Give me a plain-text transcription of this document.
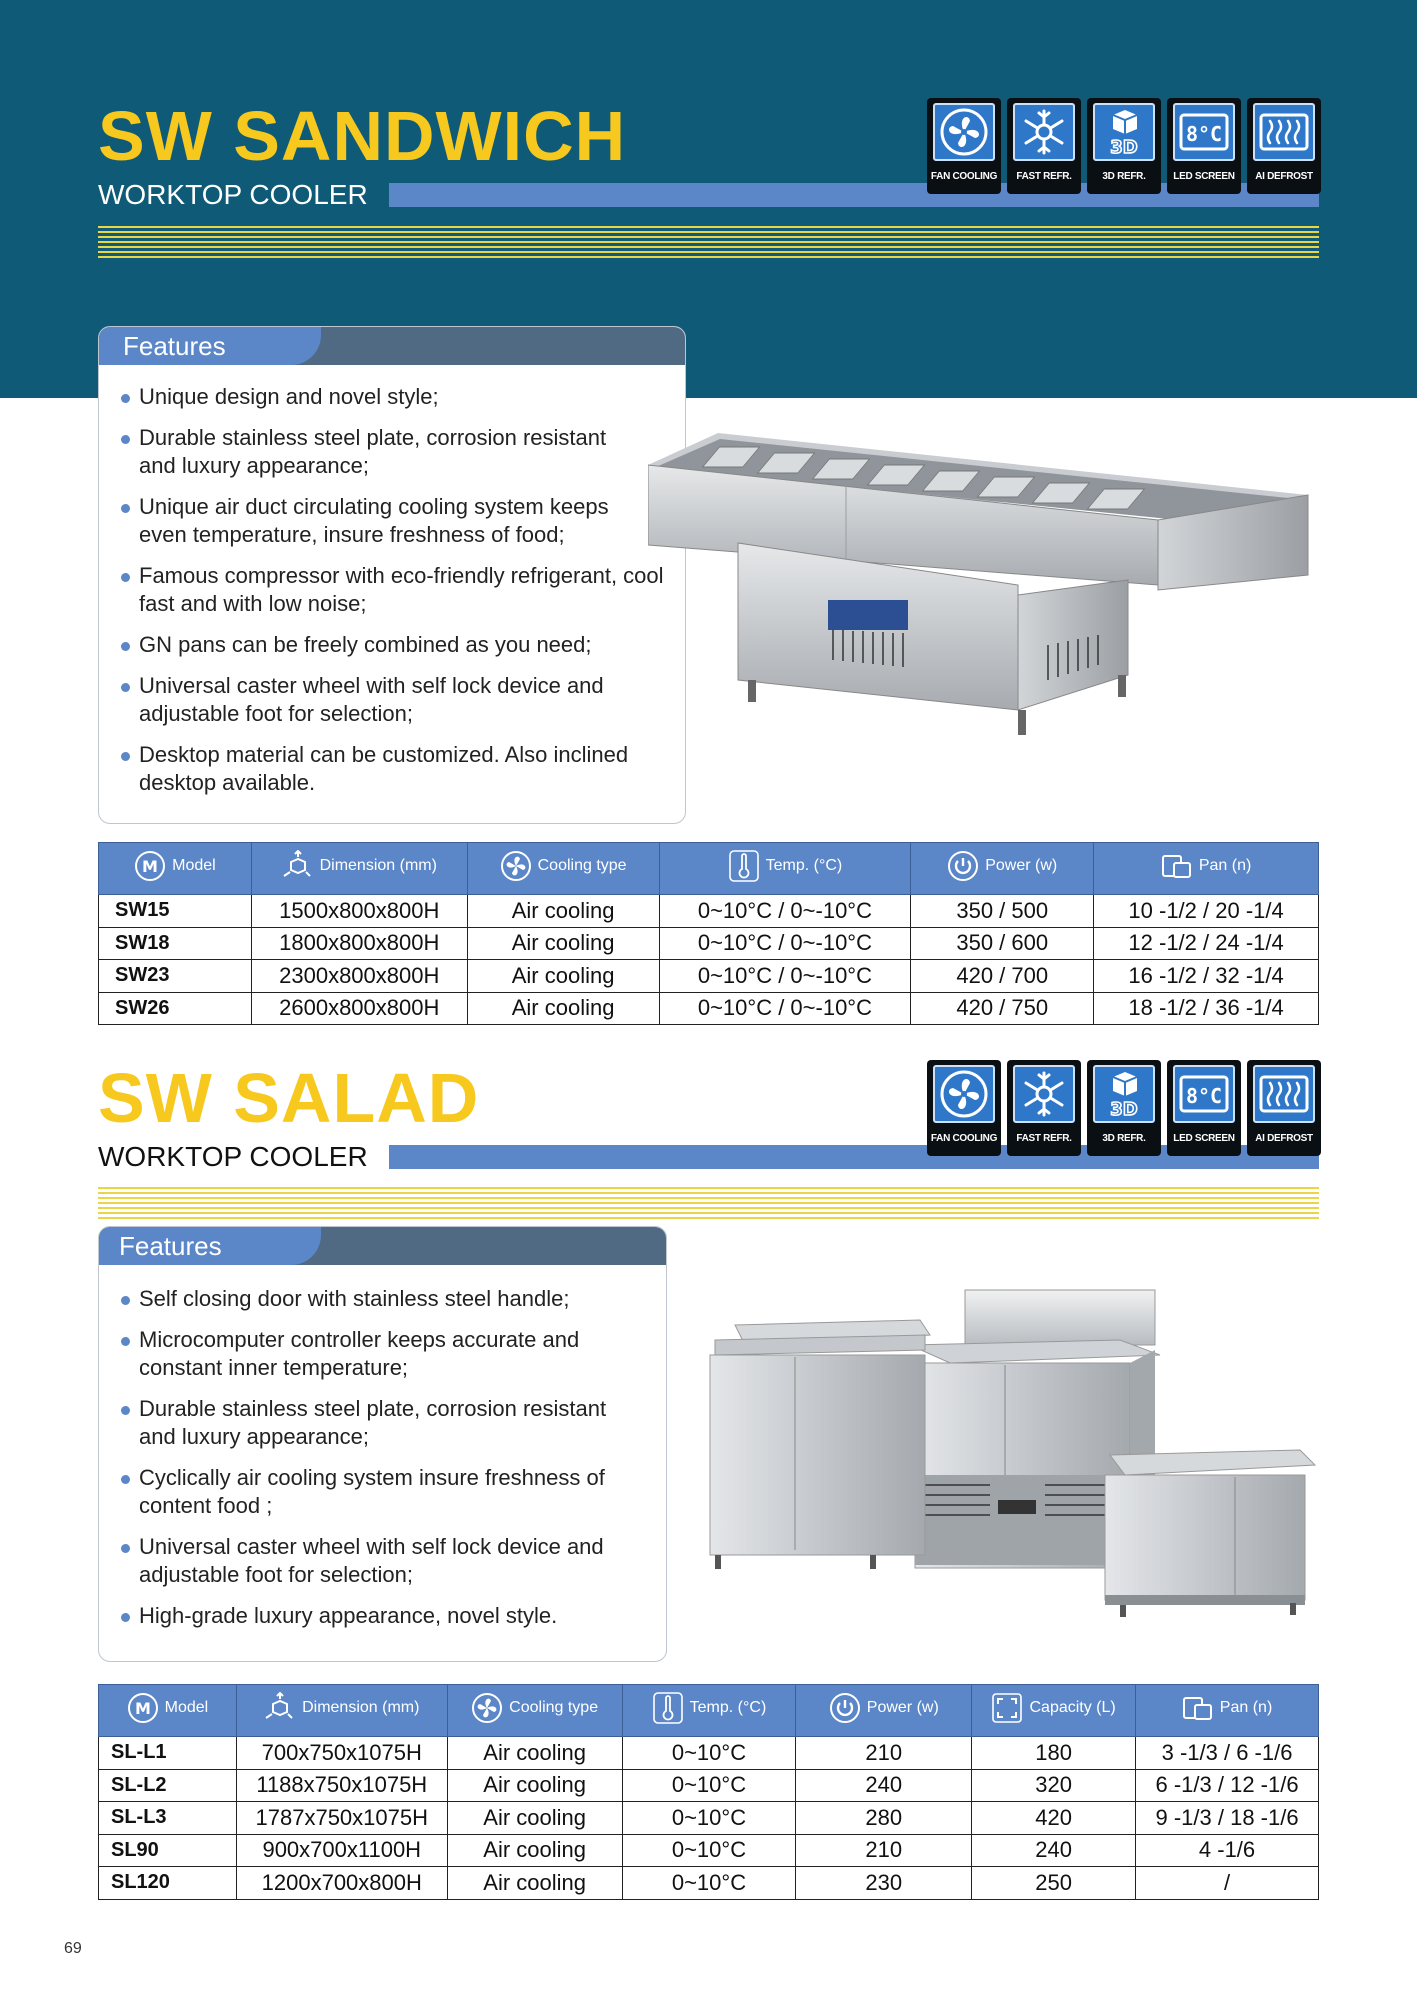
SW SANDWICH
WORKTOP COOLER
FAN COOLING FAST REFR.
3D
3D REFR.
8°C
LED SCREEN AI DEFROST
Features
Unique design and novel style;
Durable stainless steel plate, corrosion resistant and luxury appearance;
Unique air duct circulating cooling system keeps even temperature, insure freshness of food;
Famous compressor with eco-friendly refrigerant, cool fast and with low noise;
GN pans can be freely combined as you need;
Universal caster wheel with self lock device and adjustable foot for selection;
Desktop material can be customized. Also inclined desktop available.
M Model	Dimension (mm)	Cooling type	Temp. (°C)	Power (w)	Pan (n)

SW15	1500x800x800H	Air cooling	0~10°C / 0~-10°C	350 / 500	10 -1/2 / 20 -1/4
SW18	1800x800x800H	Air cooling	0~10°C / 0~-10°C	350 / 600	12 -1/2 / 24 -1/4
SW23	2300x800x800H	Air cooling	0~10°C / 0~-10°C	420 / 700	16 -1/2 / 32 -1/4
SW26	2600x800x800H	Air cooling	0~10°C / 0~-10°C	420 / 750	18 -1/2 / 36 -1/4
SW SALAD
WORKTOP COOLER
FAN COOLING FAST REFR.
3D
3D REFR.
8°C
LED SCREEN AI DEFROST
Features
Self closing door with stainless steel handle;
Microcomputer controller keeps accurate and constant inner temperature;
Durable stainless steel plate, corrosion resistant and luxury appearance;
Cyclically air cooling system insure freshness of content food ;
Universal caster wheel with self lock device and adjustable foot for selection;
High-grade luxury appearance, novel style.
M Model	Dimension (mm)	Cooling type	Temp. (°C)	Power (w)	Capacity (L)	Pan (n)

SL-L1	700x750x1075H	Air cooling	0~10°C	210	180	3 -1/3 / 6 -1/6
SL-L2	1188x750x1075H	Air cooling	0~10°C	240	320	6 -1/3 / 12 -1/6
SL-L3	1787x750x1075H	Air cooling	0~10°C	280	420	9 -1/3 / 18 -1/6
SL90	900x700x1100H	Air cooling	0~10°C	210	240	4 -1/6
SL120	1200x700x800H	Air cooling	0~10°C	230	250	/
69
